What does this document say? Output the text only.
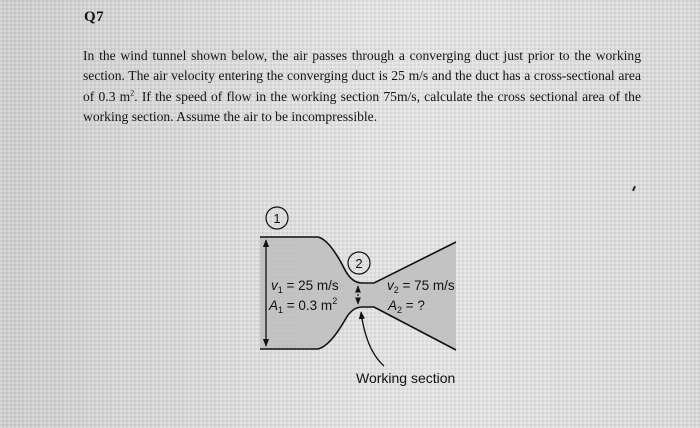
Q7

In the wind tunnel shown below, the air passes through a converging duct just prior to the working section. The air velocity entering the converging duct is 25 m/s and the duct has a cross-sectional area of 0.3 $m^2$. If the speed of flow in the working section 75m/s, calculate the cross sectional area of the working section. Assume the air to be incompressible.

1
2
$v_1 = 25$ m/s
$A_1 = 0.3$ $m^2$
$v_2 = 75$ m/s
$A_2$ = ?
Working section
